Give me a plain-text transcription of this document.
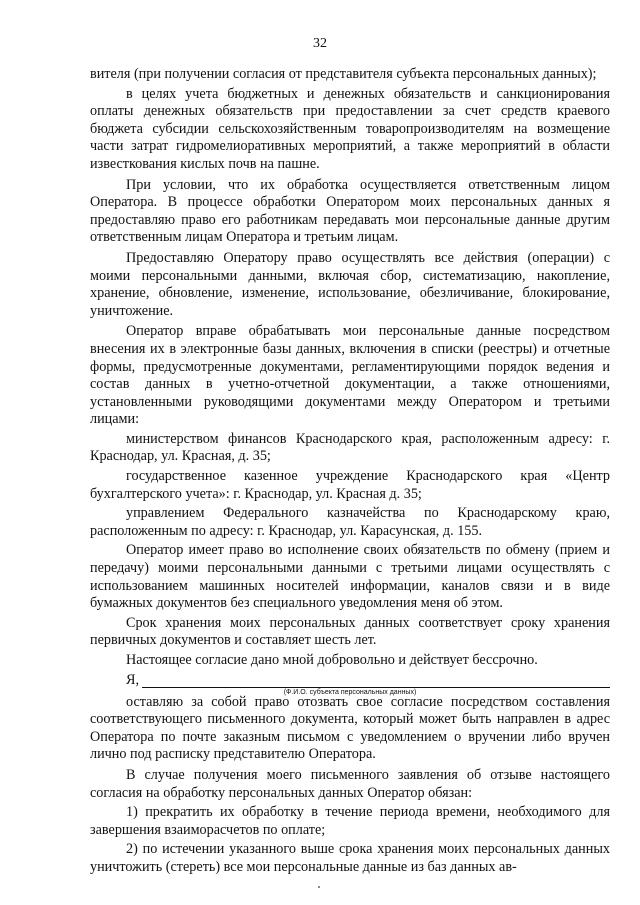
32

вителя (при получении согласия от представителя субъекта персональных данных);

в целях учета бюджетных и денежных обязательств и санкционирования оплаты денежных обязательств при предоставлении за счет средств краевого бюджета субсидии сельскохозяйственным товаропроизводителям на возмещение части затрат гидромелиоративных мероприятий, а также мероприятий в области известкования кислых почв на пашне.

При условии, что их обработка осуществляется ответственным лицом Оператора. В процессе обработки Оператором моих персональных данных я предоставляю право его работникам передавать мои персональные данные другим ответственным лицам Оператора и третьим лицам.

Предоставляю Оператору право осуществлять все действия (операции) с моими персональными данными, включая сбор, систематизацию, накопление, хранение, обновление, изменение, использование, обезличивание, блокирование, уничтожение.

Оператор вправе обрабатывать мои персональные данные посредством внесения их в электронные базы данных, включения в списки (реестры) и отчетные формы, предусмотренные документами, регламентирующими порядок ведения и состав данных в учетно-отчетной документации, а также отношениями, установленными руководящими документами между Оператором и третьими лицами:

министерством финансов Краснодарского края, расположенным адресу: г. Краснодар, ул. Красная, д. 35;

государственное казенное учреждение Краснодарского края «Центр бухгалтерского учета»: г. Краснодар, ул. Красная д. 35;

управлением Федерального казначейства по Краснодарскому краю, расположенным по адресу: г. Краснодар, ул. Карасунская, д. 155.

Оператор имеет право во исполнение своих обязательств по обмену (прием и передачу) моими персональными данными с третьими лицами осуществлять с использованием машинных носителей информации, каналов связи и в виде бумажных документов без специального уведомления меня об этом.

Срок хранения моих персональных данных соответствует сроку хранения первичных документов и составляет шесть лет.

Настоящее согласие дано мной добровольно и действует бессрочно.

Я,
(Ф.И.О. субъекта персональных данных)

оставляю за собой право отозвать свое согласие посредством составления соответствующего письменного документа, который может быть направлен в адрес Оператора по почте заказным письмом с уведомлением о вручении либо вручен лично под расписку представителю Оператора.

В случае получения моего письменного заявления об отзыве настоящего согласия на обработку персональных данных Оператор обязан:

1) прекратить их обработку в течение периода времени, необходимого для завершения взаиморасчетов по оплате;

2) по истечении указанного выше срока хранения моих персональных данных уничтожить (стереть) все мои персональные данные из баз данных ав-
